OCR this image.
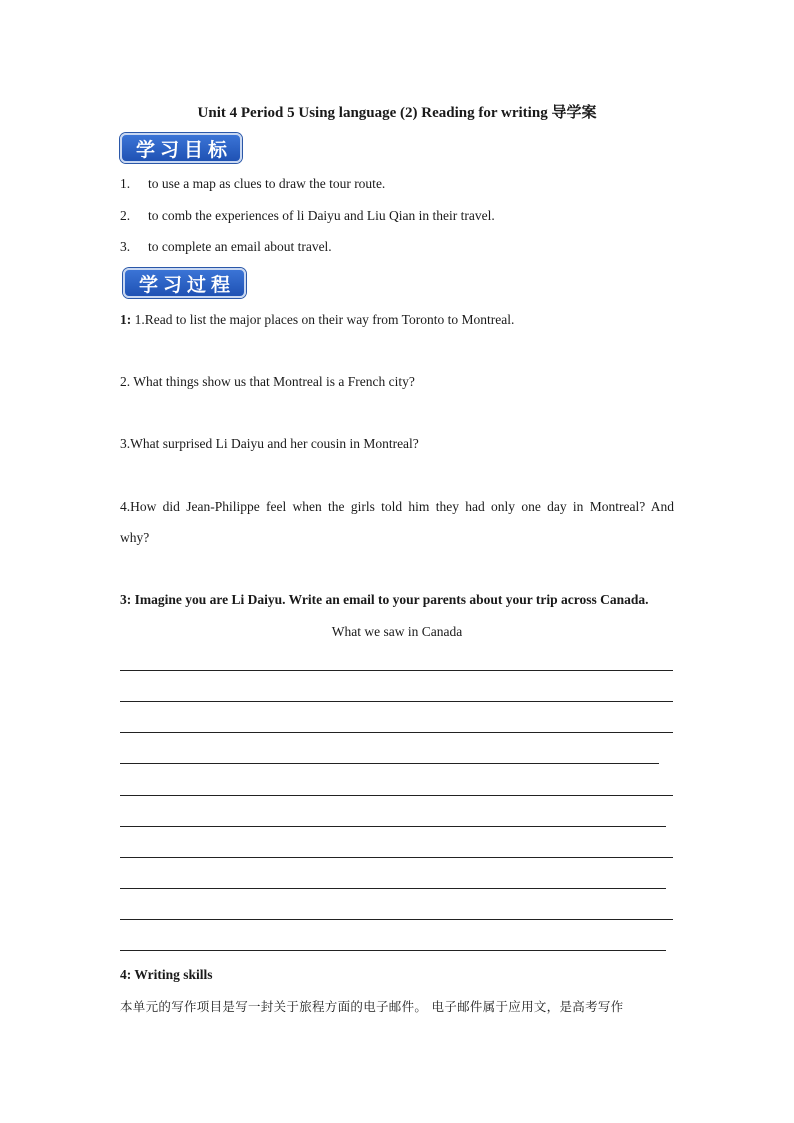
Unit 4 Period 5 Using language (2) Reading for writing 导学案
学习目标
1. to use a map as clues to draw the tour route.
2. to comb the experiences of li Daiyu and Liu Qian in their travel.
3. to complete an email about travel.
学习过程
1: 1.Read to list the major places on their way from Toronto to Montreal.
2. What things show us that Montreal is a French city?
3.What surprised Li Daiyu and her cousin in Montreal?
4.How did Jean-Philippe feel when the girls told him they had only one day in Montreal? And
why?
3: Imagine you are Li Daiyu. Write an email to your parents about your trip across Canada.
What we saw in Canada
4: Writing skills
本单元的写作项目是写一封关于旅程方面的电子邮件。 电子邮件属于应用文，是高考写作
